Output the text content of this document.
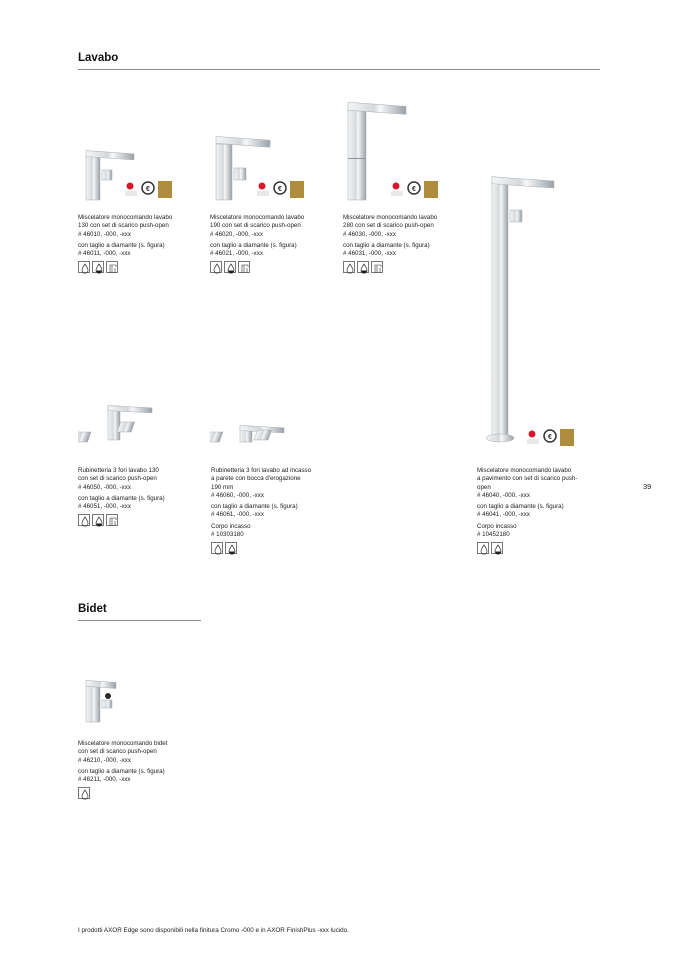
Lavabo
€

Miscelatore monocomando lavabo
130 con set di scarico push-open
# 46010, -000, -xxx

con taglio a diamante (s. figura)
# 46011, -000, -xxx

€

Miscelatore monocomando lavabo
190 con set di scarico push-open
# 46020, -000, -xxx

con taglio a diamante (s. figura)
# 46021, -000, -xxx

€

Miscelatore monocomando lavabo
280 con set di scarico push-open
# 46030, -000, -xxx

con taglio a diamante (s. figura)
# 46031, -000, -xxx

Rubinetteria 3 fori lavabo 130
con set di scarico push-open
# 46050, -000, -xxx

con taglio a diamante (s. figura)
# 46051, -000, -xxx

Rubinetteria 3 fori lavabo ad incasso
a parete con bocca d'erogazione
190 mm
# 46060, -000, -xxx

con taglio a diamante (s. figura)
# 46061, -000, -xxx

Corpo incasso
# 10303180

€

Miscelatore monocomando lavabo
a pavimento con set di scarico push-
open
# 46040, -000, -xxx

con taglio a diamante (s. figura)
# 46041, -000, -xxx

Corpo incasso
# 10452180

39
Bidet

Miscelatore monocomando bidet
con set di scarico push-open
# 46210, -000, -xxx

con taglio a diamante (s. figura)
# 46211, -000, -xxx

I prodotti AXOR Edge sono disponibili nella finitura Cromo -000 e in AXOR FinishPlus -xxx lucido.
